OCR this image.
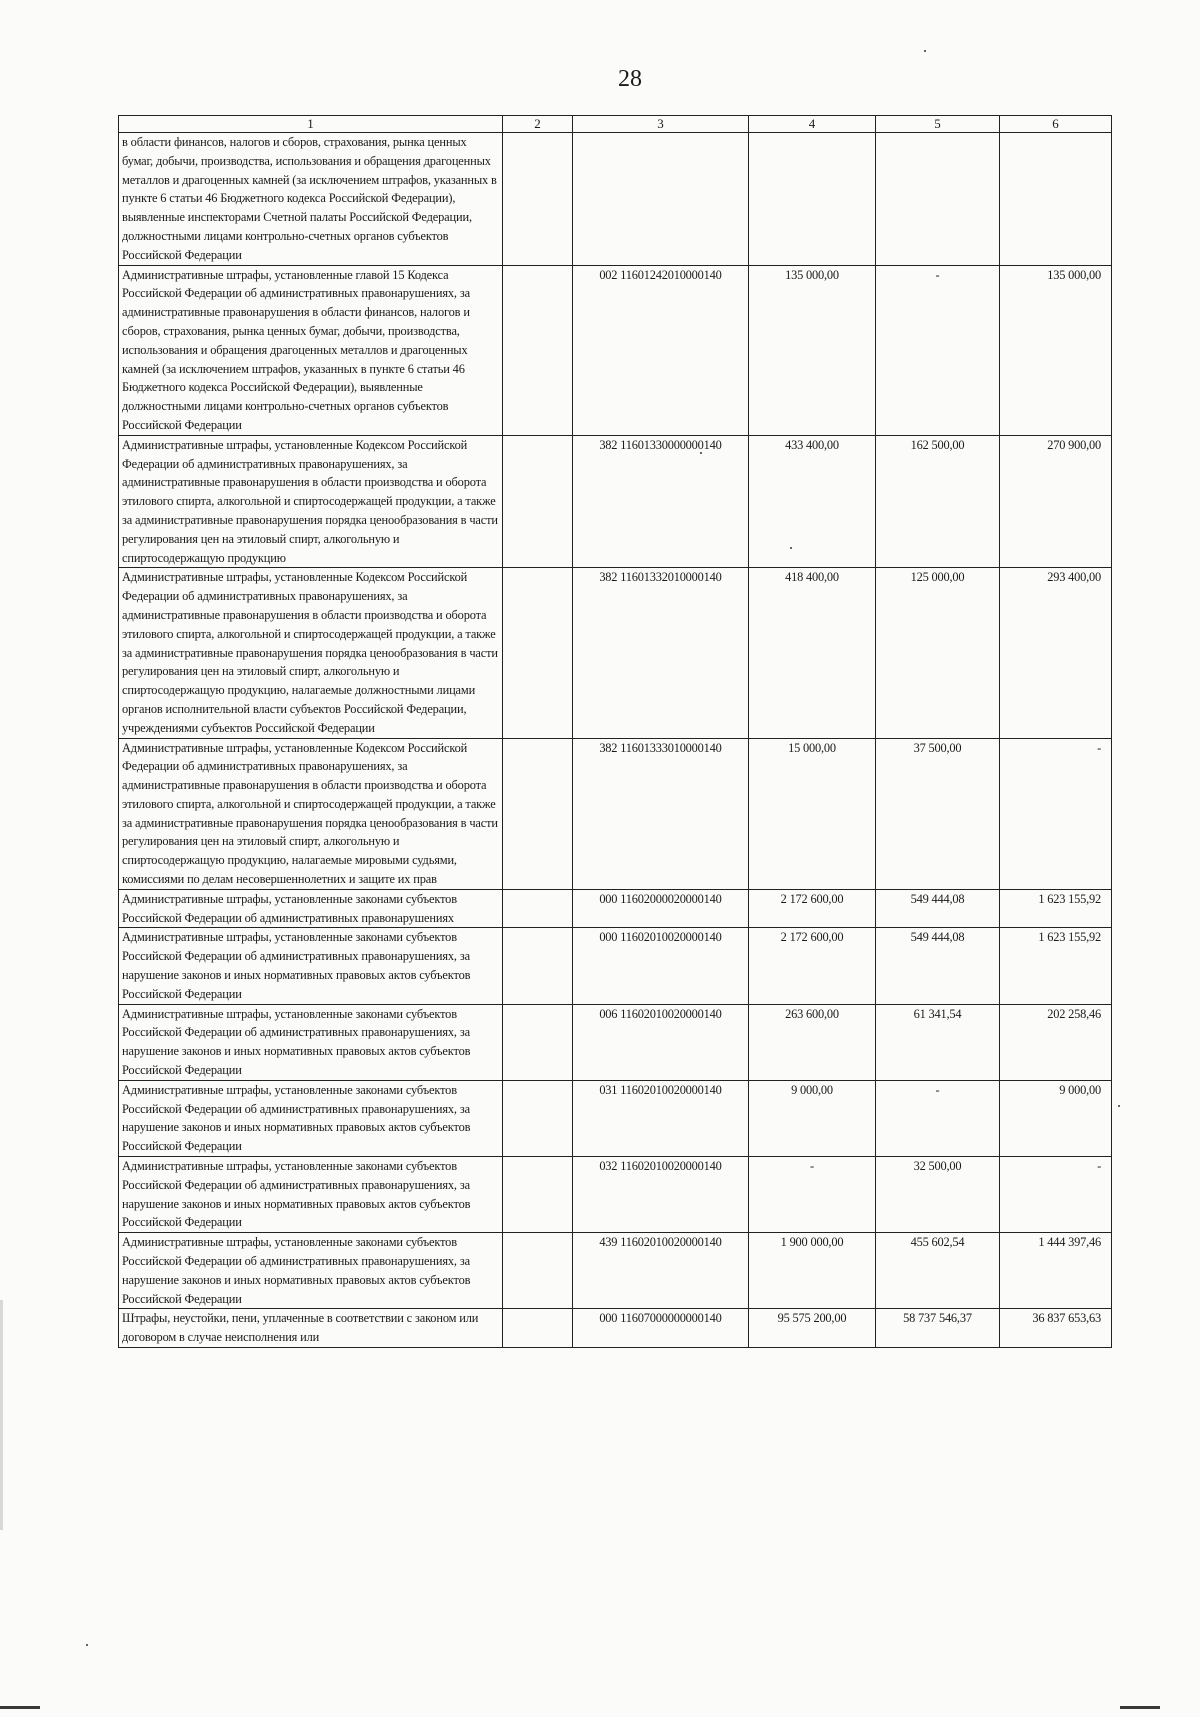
28
1	2	3	4	5	6
в области финансов, налогов и сборов, страхования, рынка ценных бумаг, добычи, производства, использования и обращения драгоценных металлов и драгоценных камней (за исключением штрафов, указанных в пункте 6 статьи 46 Бюджетного кодекса Российской Федерации), выявленные инспекторами Счетной палаты Российской Федерации, должностными лицами контрольно-счетных органов субъектов Российской Федерации					
Административные штрафы, установленные главой 15 Кодекса Российской Федерации об административных правонарушениях, за административные правонарушения в области финансов, налогов и сборов, страхования, рынка ценных бумаг, добычи, производства, использования и обращения драгоценных металлов и драгоценных камней (за исключением штрафов, указанных в пункте 6 статьи 46 Бюджетного кодекса Российской Федерации), выявленные должностными лицами контрольно-счетных органов субъектов Российской Федерации		002 11601242010000140	135 000,00	-	135 000,00
Административные штрафы, установленные Кодексом Российской Федерации об административных правонарушениях, за административные правонарушения в области производства и оборота этилового спирта, алкогольной и спиртосодержащей продукции, а также за административные правонарушения порядка ценообразования в части регулирования цен на этиловый спирт, алкогольную и спиртосодержащую продукцию		382 11601330000000140	433 400,00	162 500,00	270 900,00
Административные штрафы, установленные Кодексом Российской Федерации об административных правонарушениях, за административные правонарушения в области производства и оборота этилового спирта, алкогольной и спиртосодержащей продукции, а также за административные правонарушения порядка ценообразования в части регулирования цен на этиловый спирт, алкогольную и спиртосодержащую продукцию, налагаемые должностными лицами органов исполнительной власти субъектов Российской Федерации, учреждениями субъектов Российской Федерации		382 11601332010000140	418 400,00	125 000,00	293 400,00
Административные штрафы, установленные Кодексом Российской Федерации об административных правонарушениях, за административные правонарушения в области производства и оборота этилового спирта, алкогольной и спиртосодержащей продукции, а также за административные правонарушения порядка ценообразования в части регулирования цен на этиловый спирт, алкогольную и спиртосодержащую продукцию, налагаемые мировыми судьями, комиссиями по делам несовершеннолетних и защите их прав		382 11601333010000140	15 000,00	37 500,00	-
Административные штрафы, установленные законами субъектов Российской Федерации об административных правонарушениях		000 11602000020000140	2 172 600,00	549 444,08	1 623 155,92
Административные штрафы, установленные законами субъектов Российской Федерации об административных правонарушениях, за нарушение законов и иных нормативных правовых актов субъектов Российской Федерации		000 11602010020000140	2 172 600,00	549 444,08	1 623 155,92
Административные штрафы, установленные законами субъектов Российской Федерации об административных правонарушениях, за нарушение законов и иных нормативных правовых актов субъектов Российской Федерации		006 11602010020000140	263 600,00	61 341,54	202 258,46
Административные штрафы, установленные законами субъектов Российской Федерации об административных правонарушениях, за нарушение законов и иных нормативных правовых актов субъектов Российской Федерации		031 11602010020000140	9 000,00	-	9 000,00
Административные штрафы, установленные законами субъектов Российской Федерации об административных правонарушениях, за нарушение законов и иных нормативных правовых актов субъектов Российской Федерации		032 11602010020000140	-	32 500,00	-
Административные штрафы, установленные законами субъектов Российской Федерации об административных правонарушениях, за нарушение законов и иных нормативных правовых актов субъектов Российской Федерации		439 11602010020000140	1 900 000,00	455 602,54	1 444 397,46
Штрафы, неустойки, пени, уплаченные в соответствии с законом или договором в случае неисполнения или		000 11607000000000140	95 575 200,00	58 737 546,37	36 837 653,63
